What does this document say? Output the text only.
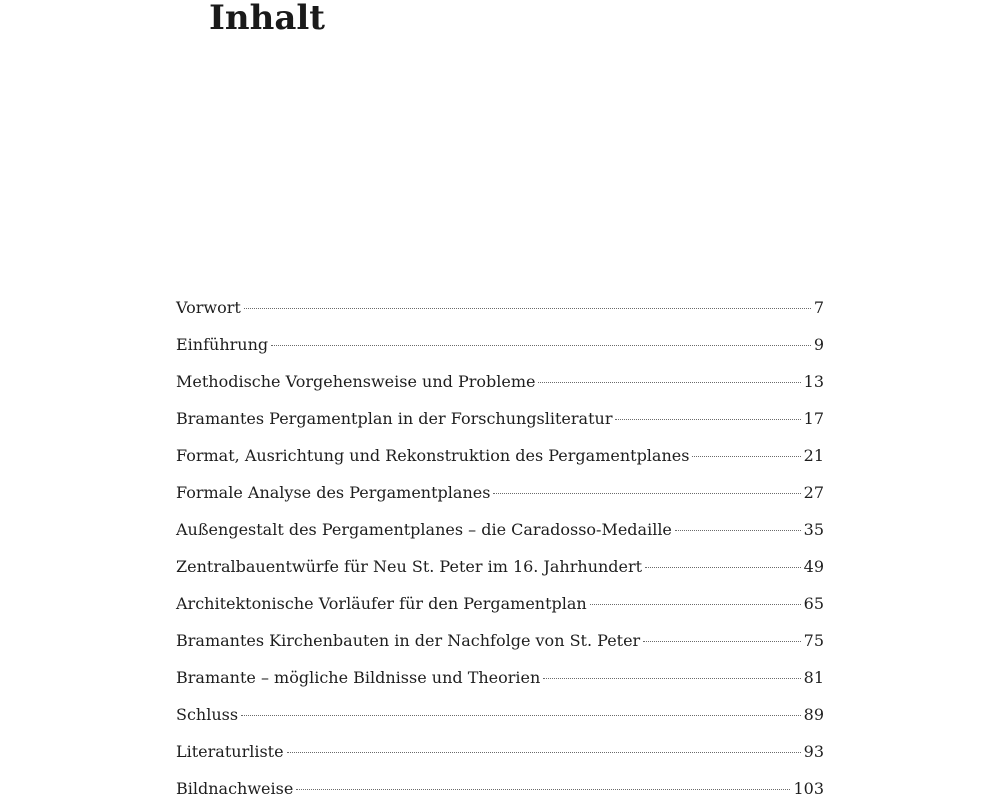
Inhalt
Vorwort	7
Einführung	9
Methodische Vorgehensweise und Probleme	13
Bramantes Pergamentplan in der Forschungsliteratur	17
Format, Ausrichtung und Rekonstruktion des Pergamentplanes	21
Formale Analyse des Pergamentplanes	27
Außengestalt des Pergamentplanes – die Caradosso-Medaille	35
Zentralbauentwürfe für Neu St. Peter im 16. Jahrhundert	49
Architektonische Vorläufer für den Pergamentplan	65
Bramantes Kirchenbauten in der Nachfolge von St. Peter	75
Bramante – mögliche Bildnisse und Theorien	81
Schluss	89
Literaturliste	93
Bildnachweise	103
